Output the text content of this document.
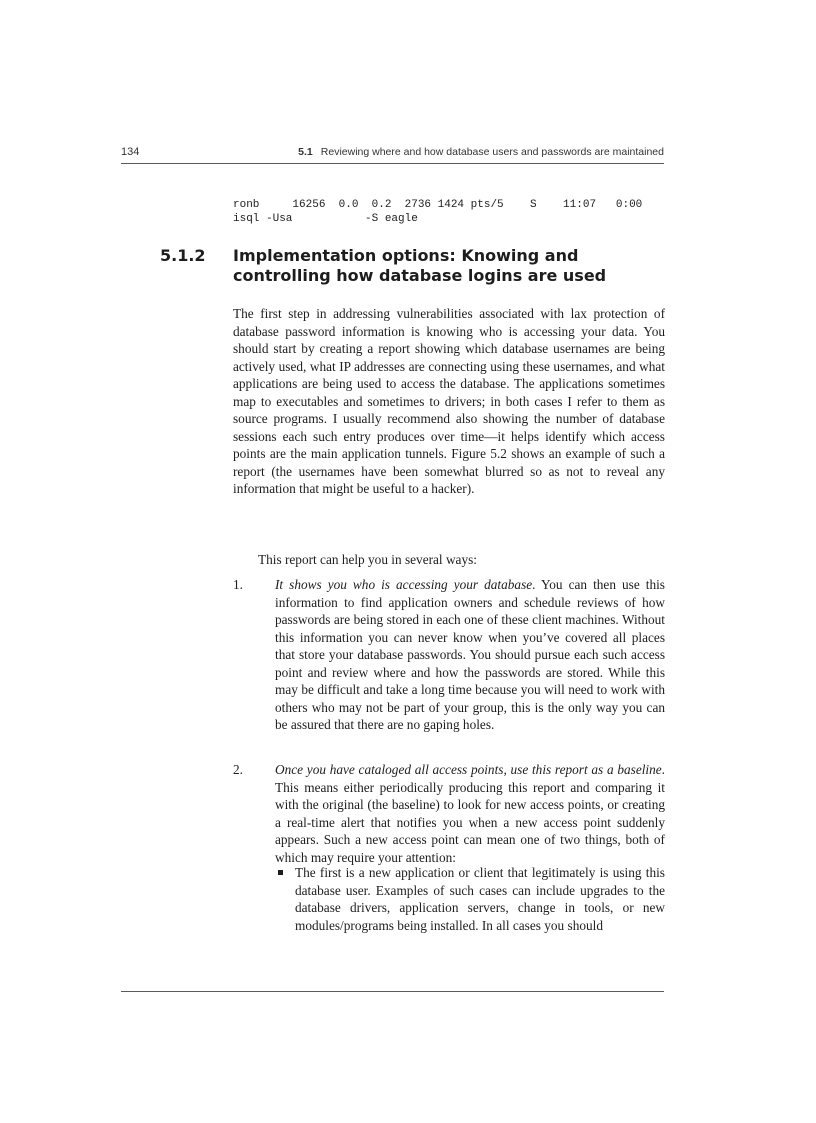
134	5.1 Reviewing where and how database users and passwords are maintained
ronb     16256  0.0  0.2  2736 1424 pts/5    S    11:07   0:00
isql -Usa           -S eagle
5.1.2 Implementation options: Knowing and controlling how database logins are used

The first step in addressing vulnerabilities associated with lax protection of database password information is knowing who is accessing your data. You should start by creating a report showing which database usernames are being actively used, what IP addresses are connecting using these usernames, and what applications are being used to access the database. The applications sometimes map to executables and sometimes to drivers; in both cases I refer to them as source programs. I usually recommend also showing the number of database sessions each such entry produces over time—it helps identify which access points are the main application tunnels. Figure 5.2 shows an example of such a report (the usernames have been somewhat blurred so as not to reveal any information that might be useful to a hacker).

This report can help you in several ways:

1. It shows you who is accessing your database. You can then use this information to find application owners and schedule reviews of how passwords are being stored in each one of these client machines. Without this information you can never know when you’ve covered all places that store your database passwords. You should pursue each such access point and review where and how the passwords are stored. While this may be difficult and take a long time because you will need to work with others who may not be part of your group, this is the only way you can be assured that there are no gaping holes.
2. Once you have cataloged all access points, use this report as a baseline. This means either periodically producing this report and comparing it with the original (the baseline) to look for new access points, or creating a real-time alert that notifies you when a new access point suddenly appears. Such a new access point can mean one of two things, both of which may require your attention:
The first is a new application or client that legitimately is using this database user. Examples of such cases can include upgrades to the database drivers, application servers, change in tools, or new modules/programs being installed. In all cases you should
